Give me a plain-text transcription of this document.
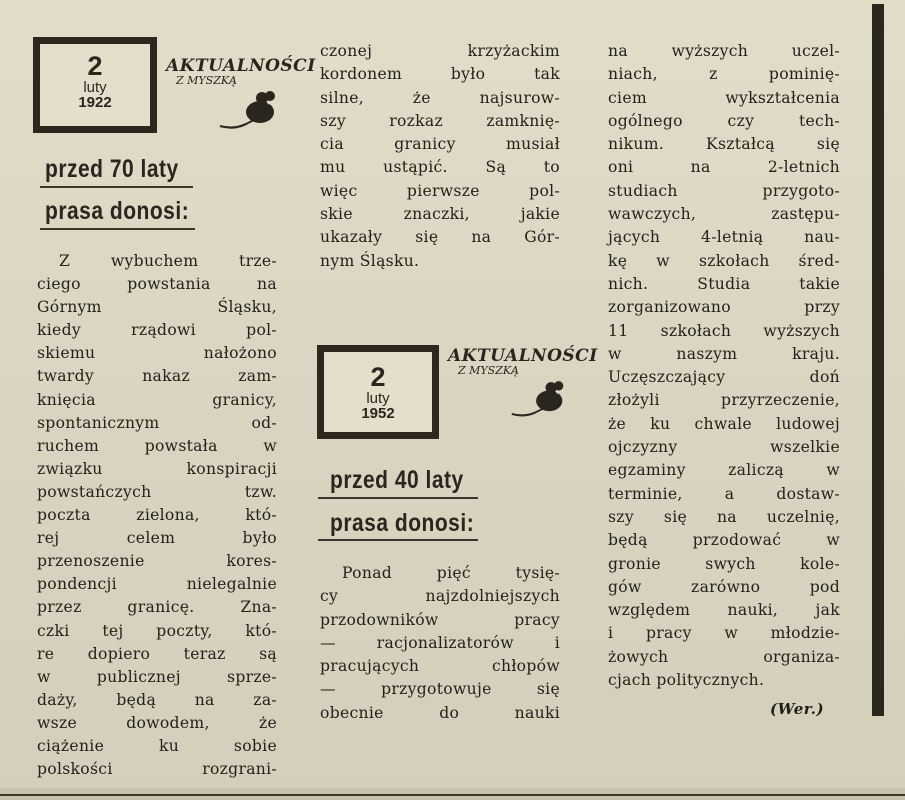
2
luty
1922
AKTUALNOŚCI
Z MYSZKĄ
przed 70 laty
prasa donosi:
Z wybuchem trze-
ciego powstania na
Górnym Śląsku,
kiedy rządowi pol-
skiemu nałożono
twardy nakaz zam-
knięcia granicy,
spontanicznym od-
ruchem powstała w
związku konspiracji
powstańczych tzw.
poczta zielona, któ-
rej celem było
przenoszenie kores-
pondencji nielegalnie
przez granicę. Zna-
czki tej poczty, któ-
re dopiero teraz są
w publicznej sprze-
daży, będą na za-
wsze dowodem, że
ciążenie ku sobie
polskości rozgrani-
czonej krzyżackim
kordonem było tak
silne, że najsurow-
szy rozkaz zamknię-
cia granicy musiał
mu ustąpić. Są to
więc pierwsze pol-
skie znaczki, jakie
ukazały się na Gór-
nym Śląsku.
2
luty
1952
AKTUALNOŚCI
Z MYSZKĄ
przed 40 laty
prasa donosi:
Ponad pięć tysię-
cy najzdolniejszych
przodowników pracy
— racjonalizatorów i
pracujących chłopów
— przygotowuje się
obecnie do nauki
na wyższych uczel-
niach, z pominię-
ciem wykształcenia
ogólnego czy tech-
nikum. Kształcą się
oni na 2-letnich
studiach przygoto-
wawczych, zastępu-
jących 4-letnią nau-
kę w szkołach śred-
nich. Studia takie
zorganizowano przy
11 szkołach wyższych
w naszym kraju.
Uczęszczający doń
złożyli przyrzeczenie,
że ku chwale ludowej
ojczyzny wszelkie
egzaminy zaliczą w
terminie, a dostaw-
szy się na uczelnię,
będą przodować w
gronie swych kole-
gów zarówno pod
względem nauki, jak
i pracy w młodzie-
żowych organiza-
cjach politycznych.
(Wer.)
